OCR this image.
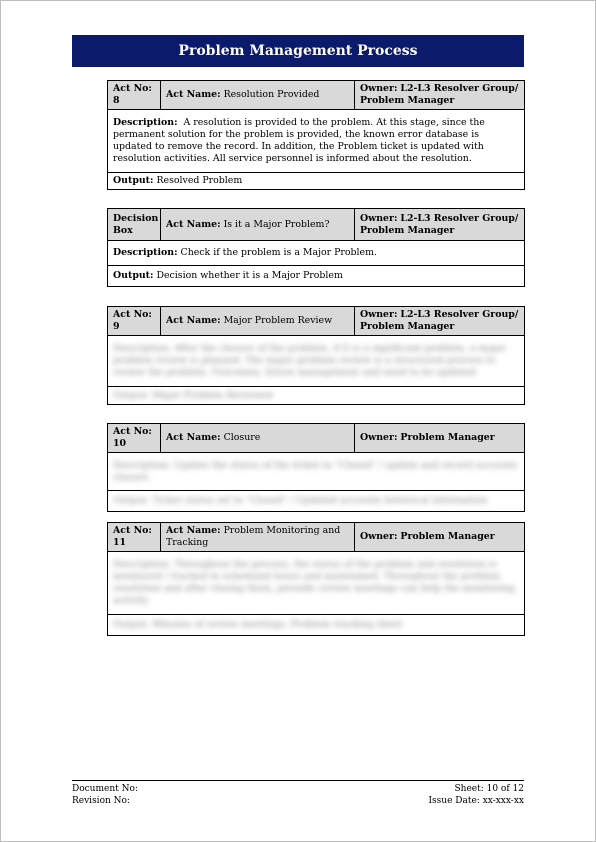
Problem Management Process
Act No:
8	Act Name: Resolution Provided	Owner: L2-L3 Resolver Group/ Problem Manager
Description: A resolution is provided to the problem. At this stage, since the permanent solution for the problem is provided, the known error database is updated to remove the record. In addition, the Problem ticket is updated with resolution activities. All service personnel is informed about the resolution.
Output: Resolved Problem
Decision Box	Act Name: Is it a Major Problem?	Owner: L2-L3 Resolver Group/ Problem Manager
Description: Check if the problem is a Major Problem.
Output: Decision whether it is a Major Problem
Act No:
9	Act Name: Major Problem Review	Owner: L2-L3 Resolver Group/ Problem Manager

Description: After the closure of the problem, if it is a significant problem, a major problem review is planned. The major problem review is a structured process to review the problem. Outcomes, future management and need to be updated.

Output: Major Problem Reviewed
Act No:
10	Act Name: Closure	Owner: Problem Manager

Description: Update the status of the ticket to "Closed" / update and record accurate closure.

Output: Ticket status set to "Closed" / Updated accurate historical information
Act No:
11	Act Name: Problem Monitoring and Tracking	Owner: Problem Manager

Description: Throughout the process, the status of the problem and resolution is monitored / tracked in scheduled hours and maintained. Throughout the problem resolution and after closing them, periodic review meetings can help the monitoring activity.

Output: Minutes of review meetings, Problem tracking sheet
Document No:	Sheet: 10 of 12
Revision No:	Issue Date: xx-xxx-xx
